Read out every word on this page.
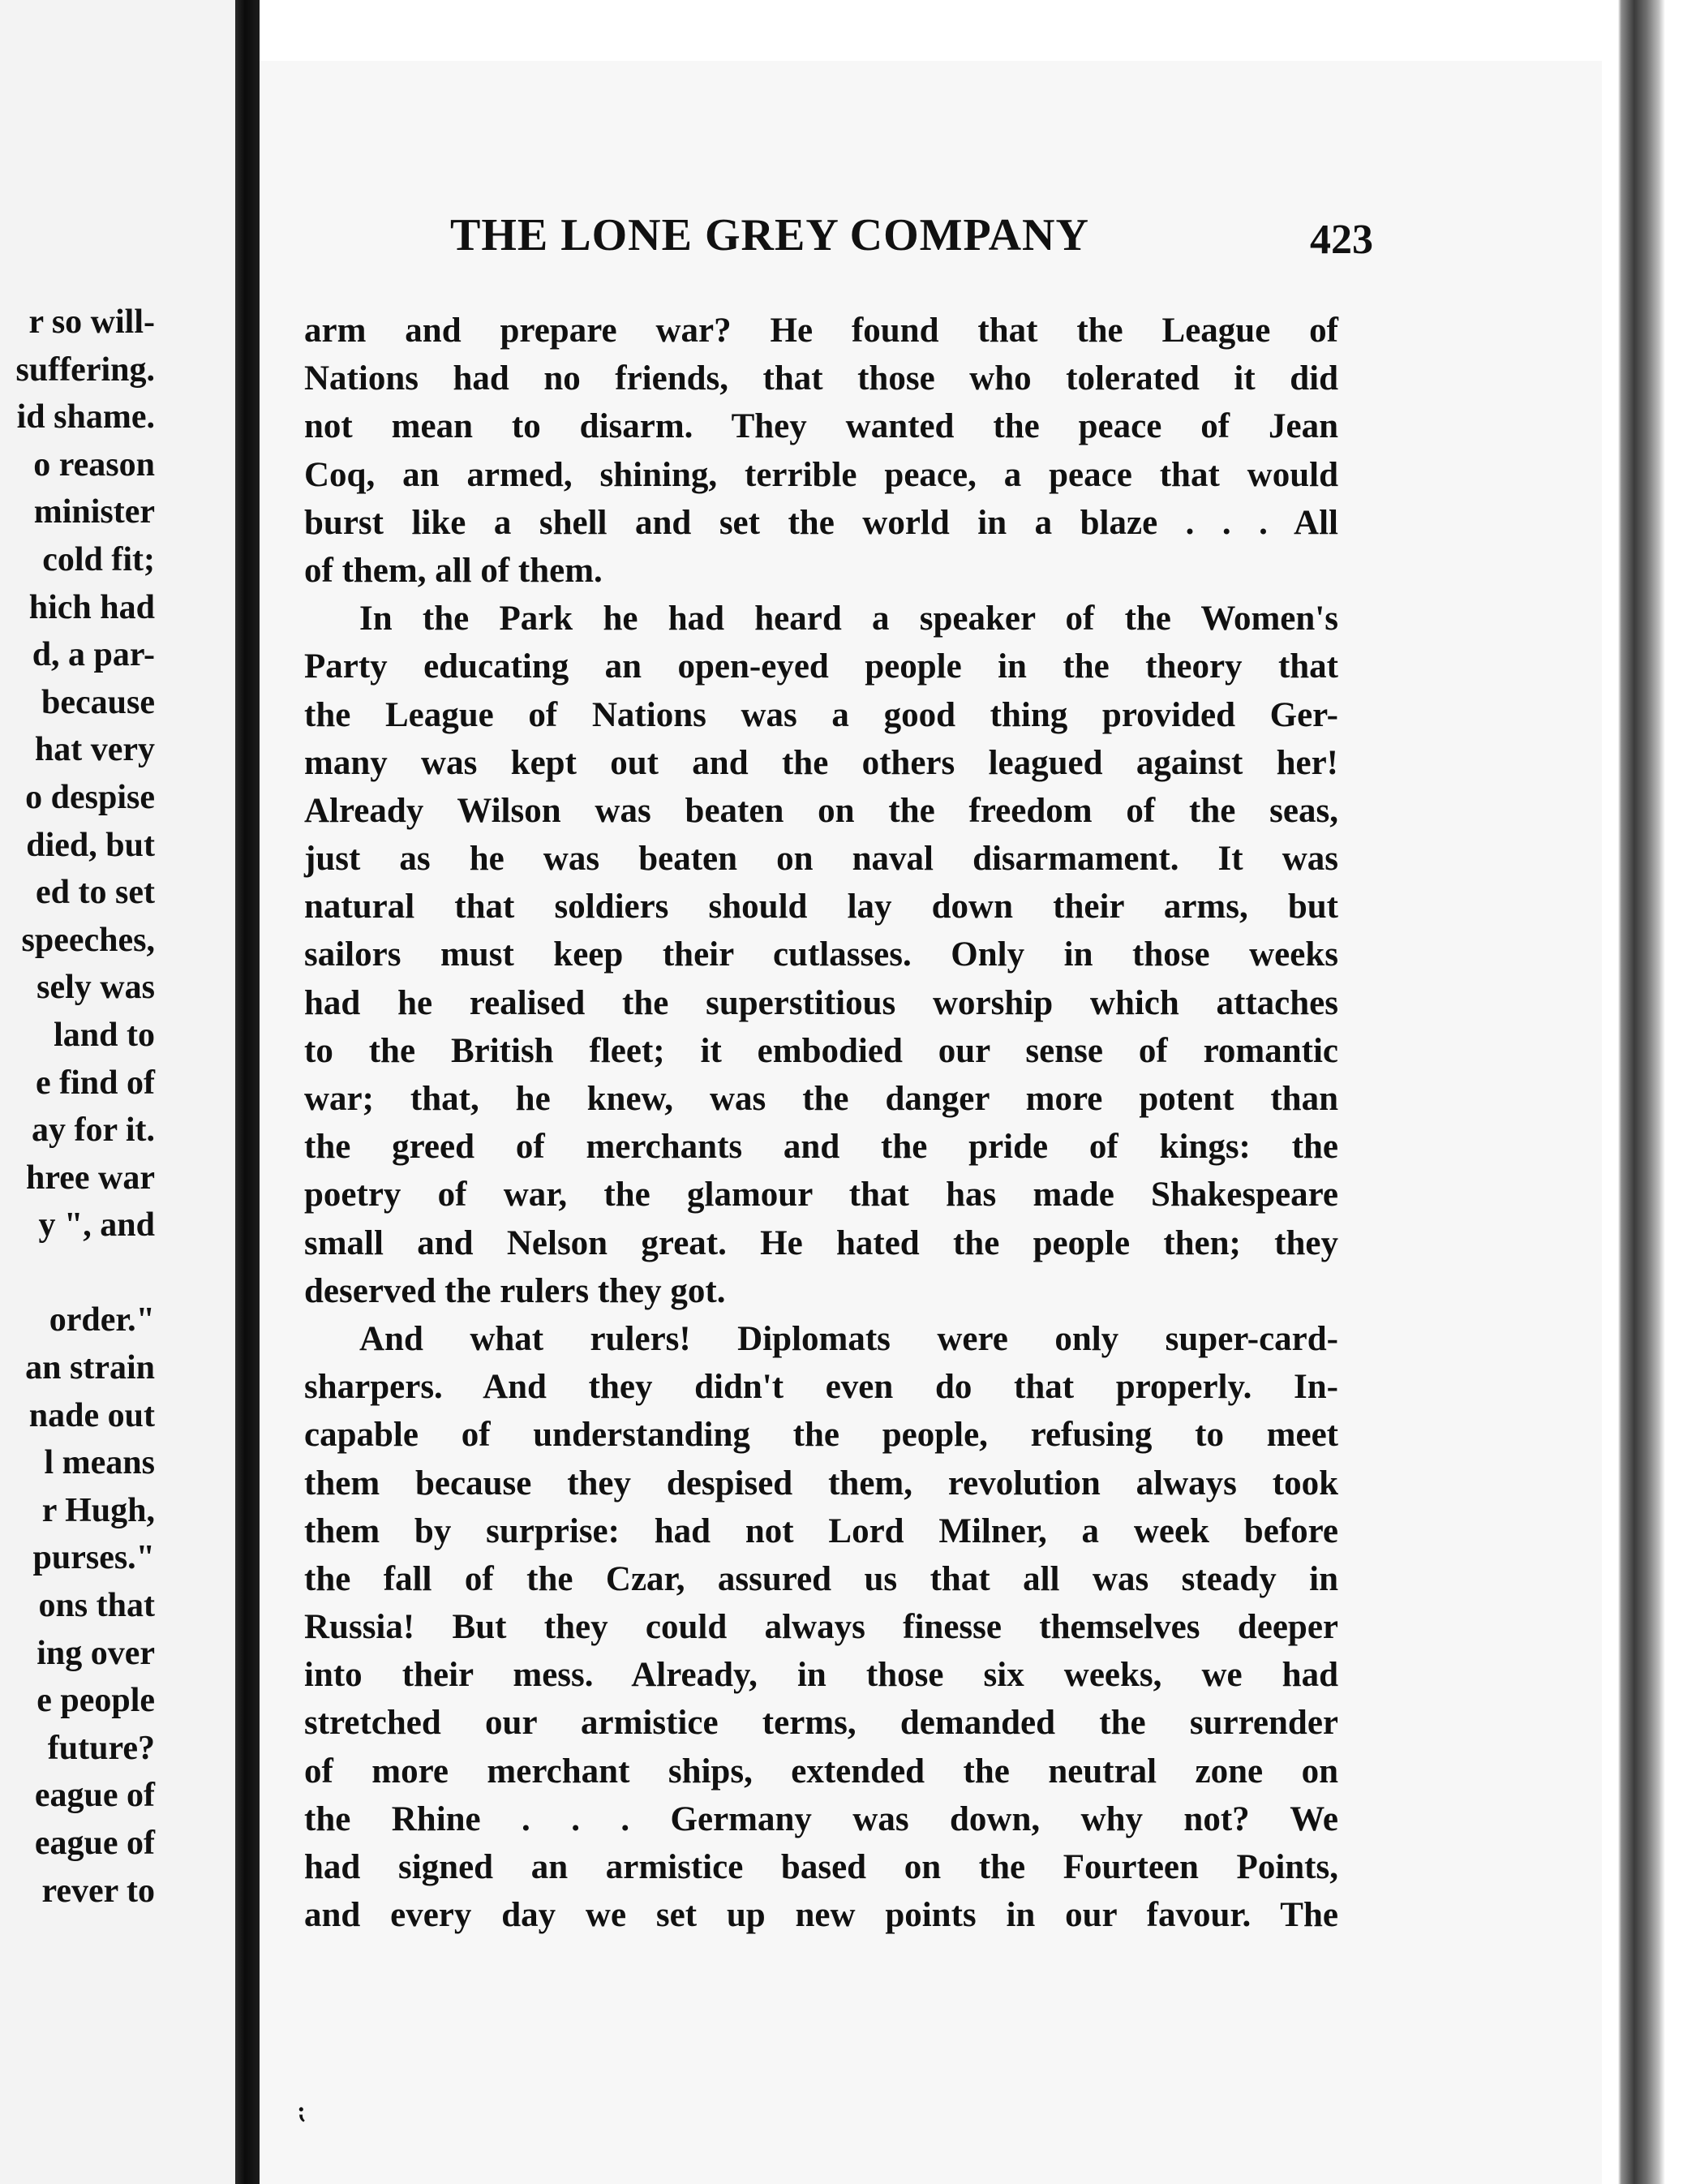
r so will-
suffering.
id shame.
o reason
minister
cold fit;
hich had
d, a par-
because
hat very
o despise
died, but
ed to set
speeches,
sely was
land to
e find of
ay for it.
hree war
y ", and
order."
an strain
nade out
l means
r Hugh,
purses."
ons that
ing over
e people
future?
eague of
eague of
rever to
THE LONE GREY COMPANY	423
arm and prepare war? He found that the League of
Nations had no friends, that those who tolerated it did
not mean to disarm. They wanted the peace of Jean
Coq, an armed, shining, terrible peace, a peace that would
burst like a shell and set the world in a blaze . . . All
of them, all of them.
In the Park he had heard a speaker of the Women's
Party educating an open-eyed people in the theory that
the League of Nations was a good thing provided Ger-
many was kept out and the others leagued against her!
Already Wilson was beaten on the freedom of the seas,
just as he was beaten on naval disarmament. It was
natural that soldiers should lay down their arms, but
sailors must keep their cutlasses. Only in those weeks
had he realised the superstitious worship which attaches
to the British fleet; it embodied our sense of romantic
war; that, he knew, was the danger more potent than
the greed of merchants and the pride of kings: the
poetry of war, the glamour that has made Shakespeare
small and Nelson great. He hated the people then; they
deserved the rulers they got.
And what rulers! Diplomats were only super-card-
sharpers. And they didn't even do that properly. In-
capable of understanding the people, refusing to meet
them because they despised them, revolution always took
them by surprise: had not Lord Milner, a week before
the fall of the Czar, assured us that all was steady in
Russia! But they could always finesse themselves deeper
into their mess. Already, in those six weeks, we had
stretched our armistice terms, demanded the surrender
of more merchant ships, extended the neutral zone on
the Rhine . . . Germany was down, why not? We
had signed an armistice based on the Fourteen Points,
and every day we set up new points in our favour. The
⁏
